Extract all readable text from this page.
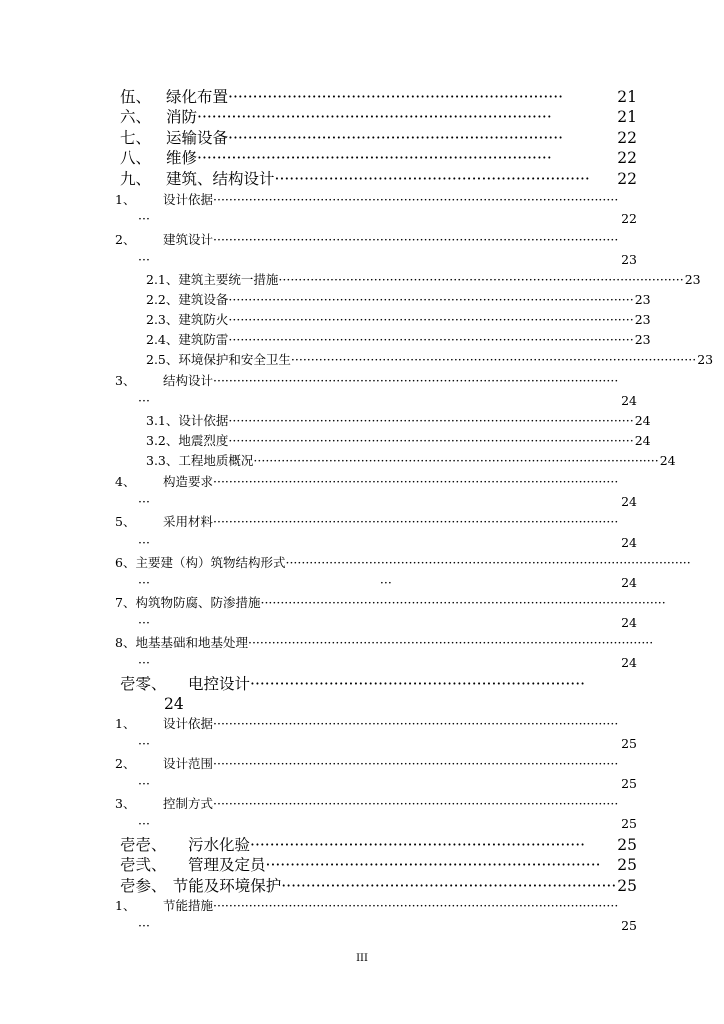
伍、 绿化布置 ····································································	21
六、 消防 ········································································	21
七、 运输设备 ····································································	22
八、 维修 ········································································	22
九、 建筑、结构设计 ································································	22
1、	设计依据 ······································································································
···	22
2、	建筑设计 ······································································································
···	23
2.1、 建筑主要统一措施 ······································································································ 23
2.2、 建筑设备 ······································································································ 23
2.3、 建筑防火 ······································································································ 23
2.4、 建筑防雷 ······································································································ 23
2.5、 环境保护和安全卫生 ······································································································ 23
3、	结构设计 ······································································································
···	24
3.1、 设计依据 ······································································································ 24
3.2、 地震烈度 ······································································································ 24
3.3、 工程地质概况 ······································································································ 24
4、	构造要求 ······································································································
···	24
5、	采用材料 ······································································································
···	24
6、 主要建（构）筑物结构形式 ······································································································
···	···	24
7、 构筑物防腐、防渗措施 ······································································································
···	24
8、 地基基础和地基处理 ······································································································
···	24
壱零、	电控设计 ····································································
24
1、	设计依据 ······································································································
···	25
2、	设计范围 ······································································································
···	25
3、	控制方式 ······································································································
···	25
壱壱、	污水化验 ····································································	25
壱弐、	管理及定员 ····································································	25
壱参、 节能及环境保护 ···································································· 25
1、	节能措施 ······································································································
···	25
III
